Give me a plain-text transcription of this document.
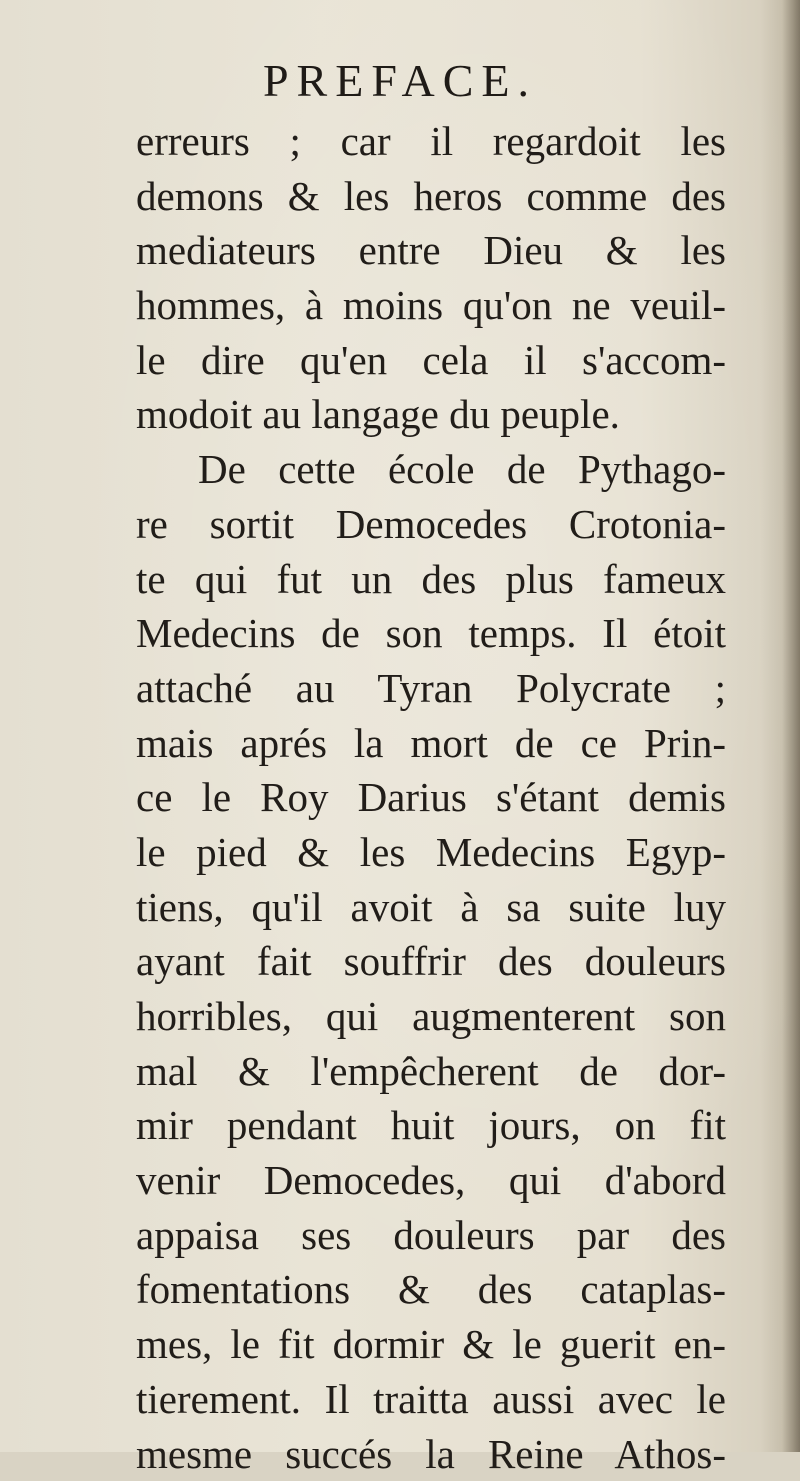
PREFACE.
erreurs ; car il regardoit les
demons & les heros comme des
mediateurs entre Dieu & les
hommes, à moins qu'on ne veuil-
le dire qu'en cela il s'accom-
modoit au langage du peuple.
De cette école de Pythago-
re sortit Democedes Crotonia-
te qui fut un des plus fameux
Medecins de son temps. Il étoit
attaché au Tyran Polycrate ;
mais aprés la mort de ce Prin-
ce le Roy Darius s'étant demis
le pied & les Medecins Egyp-
tiens, qu'il avoit à sa suite luy
ayant fait souffrir des douleurs
horribles, qui augmenterent son
mal & l'empêcherent de dor-
mir pendant huit jours, on fit
venir Democedes, qui d'abord
appaisa ses douleurs par des
fomentations & des cataplas-
mes, le fit dormir & le guerit en-
tierement. Il traitta aussi avec le
mesme succés la Reine Athos-
